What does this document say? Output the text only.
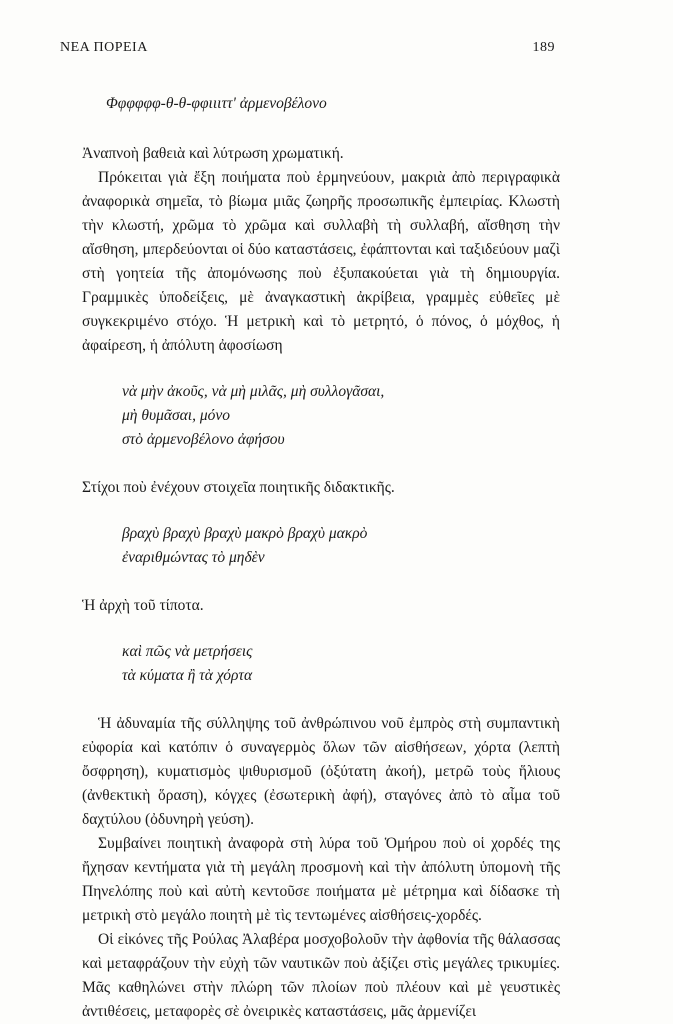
ΝΕΑ ΠΟΡΕΙΑ	189
Φφφφφφ-θ-θ-φφιιιττ' ἀρμενοβέλονο

Ἀναπνοὴ βαθειὰ καὶ λύτρωση χρωματική.

Πρόκειται γιὰ ἔξη ποιήματα ποὺ ἑρμηνεύουν, μακριὰ ἀπὸ περιγραφικὰ ἀναφορικὰ σημεῖα, τὸ βίωμα μιᾶς ζωηρῆς προσωπικῆς ἐμπειρίας. Κλωστὴ τὴν κλωστή, χρῶμα τὸ χρῶμα καὶ συλλαβὴ τὴ συλλαβή, αἴσθηση τὴν αἴσθηση, μπερδεύονται οἱ δύο καταστάσεις, ἐφάπτονται καὶ ταξιδεύουν μαζὶ στὴ γοητεία τῆς ἀπομόνωσης ποὺ ἐξυπακούεται γιὰ τὴ δημιουργία. Γραμμικὲς ὑποδείξεις, μὲ ἀναγκαστικὴ ἀκρίβεια, γραμμὲς εὐθεῖες μὲ συγκεκριμένο στόχο. Ἡ μετρικὴ καὶ τὸ μετρητό, ὁ πόνος, ὁ μόχθος, ἡ ἀφαίρεση, ἡ ἀπόλυτη ἀφοσίωση

νὰ μὴν ἀκοῦς, νὰ μὴ μιλᾶς, μὴ συλλογᾶσαι,
μὴ θυμᾶσαι, μόνο
στὸ ἀρμενοβέλονο ἀφήσου

Στίχοι ποὺ ἐνέχουν στοιχεῖα ποιητικῆς διδακτικῆς.

βραχὺ βραχὺ βραχὺ μακρὸ βραχὺ μακρὸ
ἐναριθμώντας τὸ μηδὲν

Ἡ ἀρχὴ τοῦ τίποτα.

καὶ πῶς νὰ μετρήσεις
τὰ κύματα ἢ τὰ χόρτα

Ἡ ἀδυναμία τῆς σύλληψης τοῦ ἀνθρώπινου νοῦ ἐμπρὸς στὴ συμπαντικὴ εὐφορία καὶ κατόπιν ὁ συναγερμὸς ὅλων τῶν αἰσθήσεων, χόρτα (λεπτὴ ὄσφρηση), κυματισμὸς ψιθυρισμοῦ (ὀξύτατη ἀκοή), μετρῶ τοὺς ἥλιους (ἀνθεκτικὴ ὅραση), κόγχες (ἐσωτερικὴ ἀφή), σταγόνες ἀπὸ τὸ αἷμα τοῦ δαχτύλου (ὀδυνηρὴ γεύση).

Συμβαίνει ποιητικὴ ἀναφορὰ στὴ λύρα τοῦ Ὁμήρου ποὺ οἱ χορδές της ἤχησαν κεντήματα γιὰ τὴ μεγάλη προσμονὴ καὶ τὴν ἀπόλυτη ὑπομονὴ τῆς Πηνελόπης ποὺ καὶ αὐτὴ κεντοῦσε ποιήματα μὲ μέτρημα καὶ δίδασκε τὴ μετρικὴ στὸ μεγάλο ποιητὴ μὲ τὶς τεντωμένες αἰσθήσεις-χορδές.

Οἱ εἰκόνες τῆς Ρούλας Ἀλαβέρα μοσχοβολοῦν τὴν ἀφθονία τῆς θάλασσας καὶ μεταφράζουν τὴν εὐχὴ τῶν ναυτικῶν ποὺ ἀξίζει στὶς μεγάλες τρικυμίες. Μᾶς καθηλώνει στὴν πλώρη τῶν πλοίων ποὺ πλέουν καὶ μὲ γευστικὲς ἀντιθέσεις, μεταφορὲς σὲ ὀνειρικὲς καταστάσεις, μᾶς ἀρμενίζει
